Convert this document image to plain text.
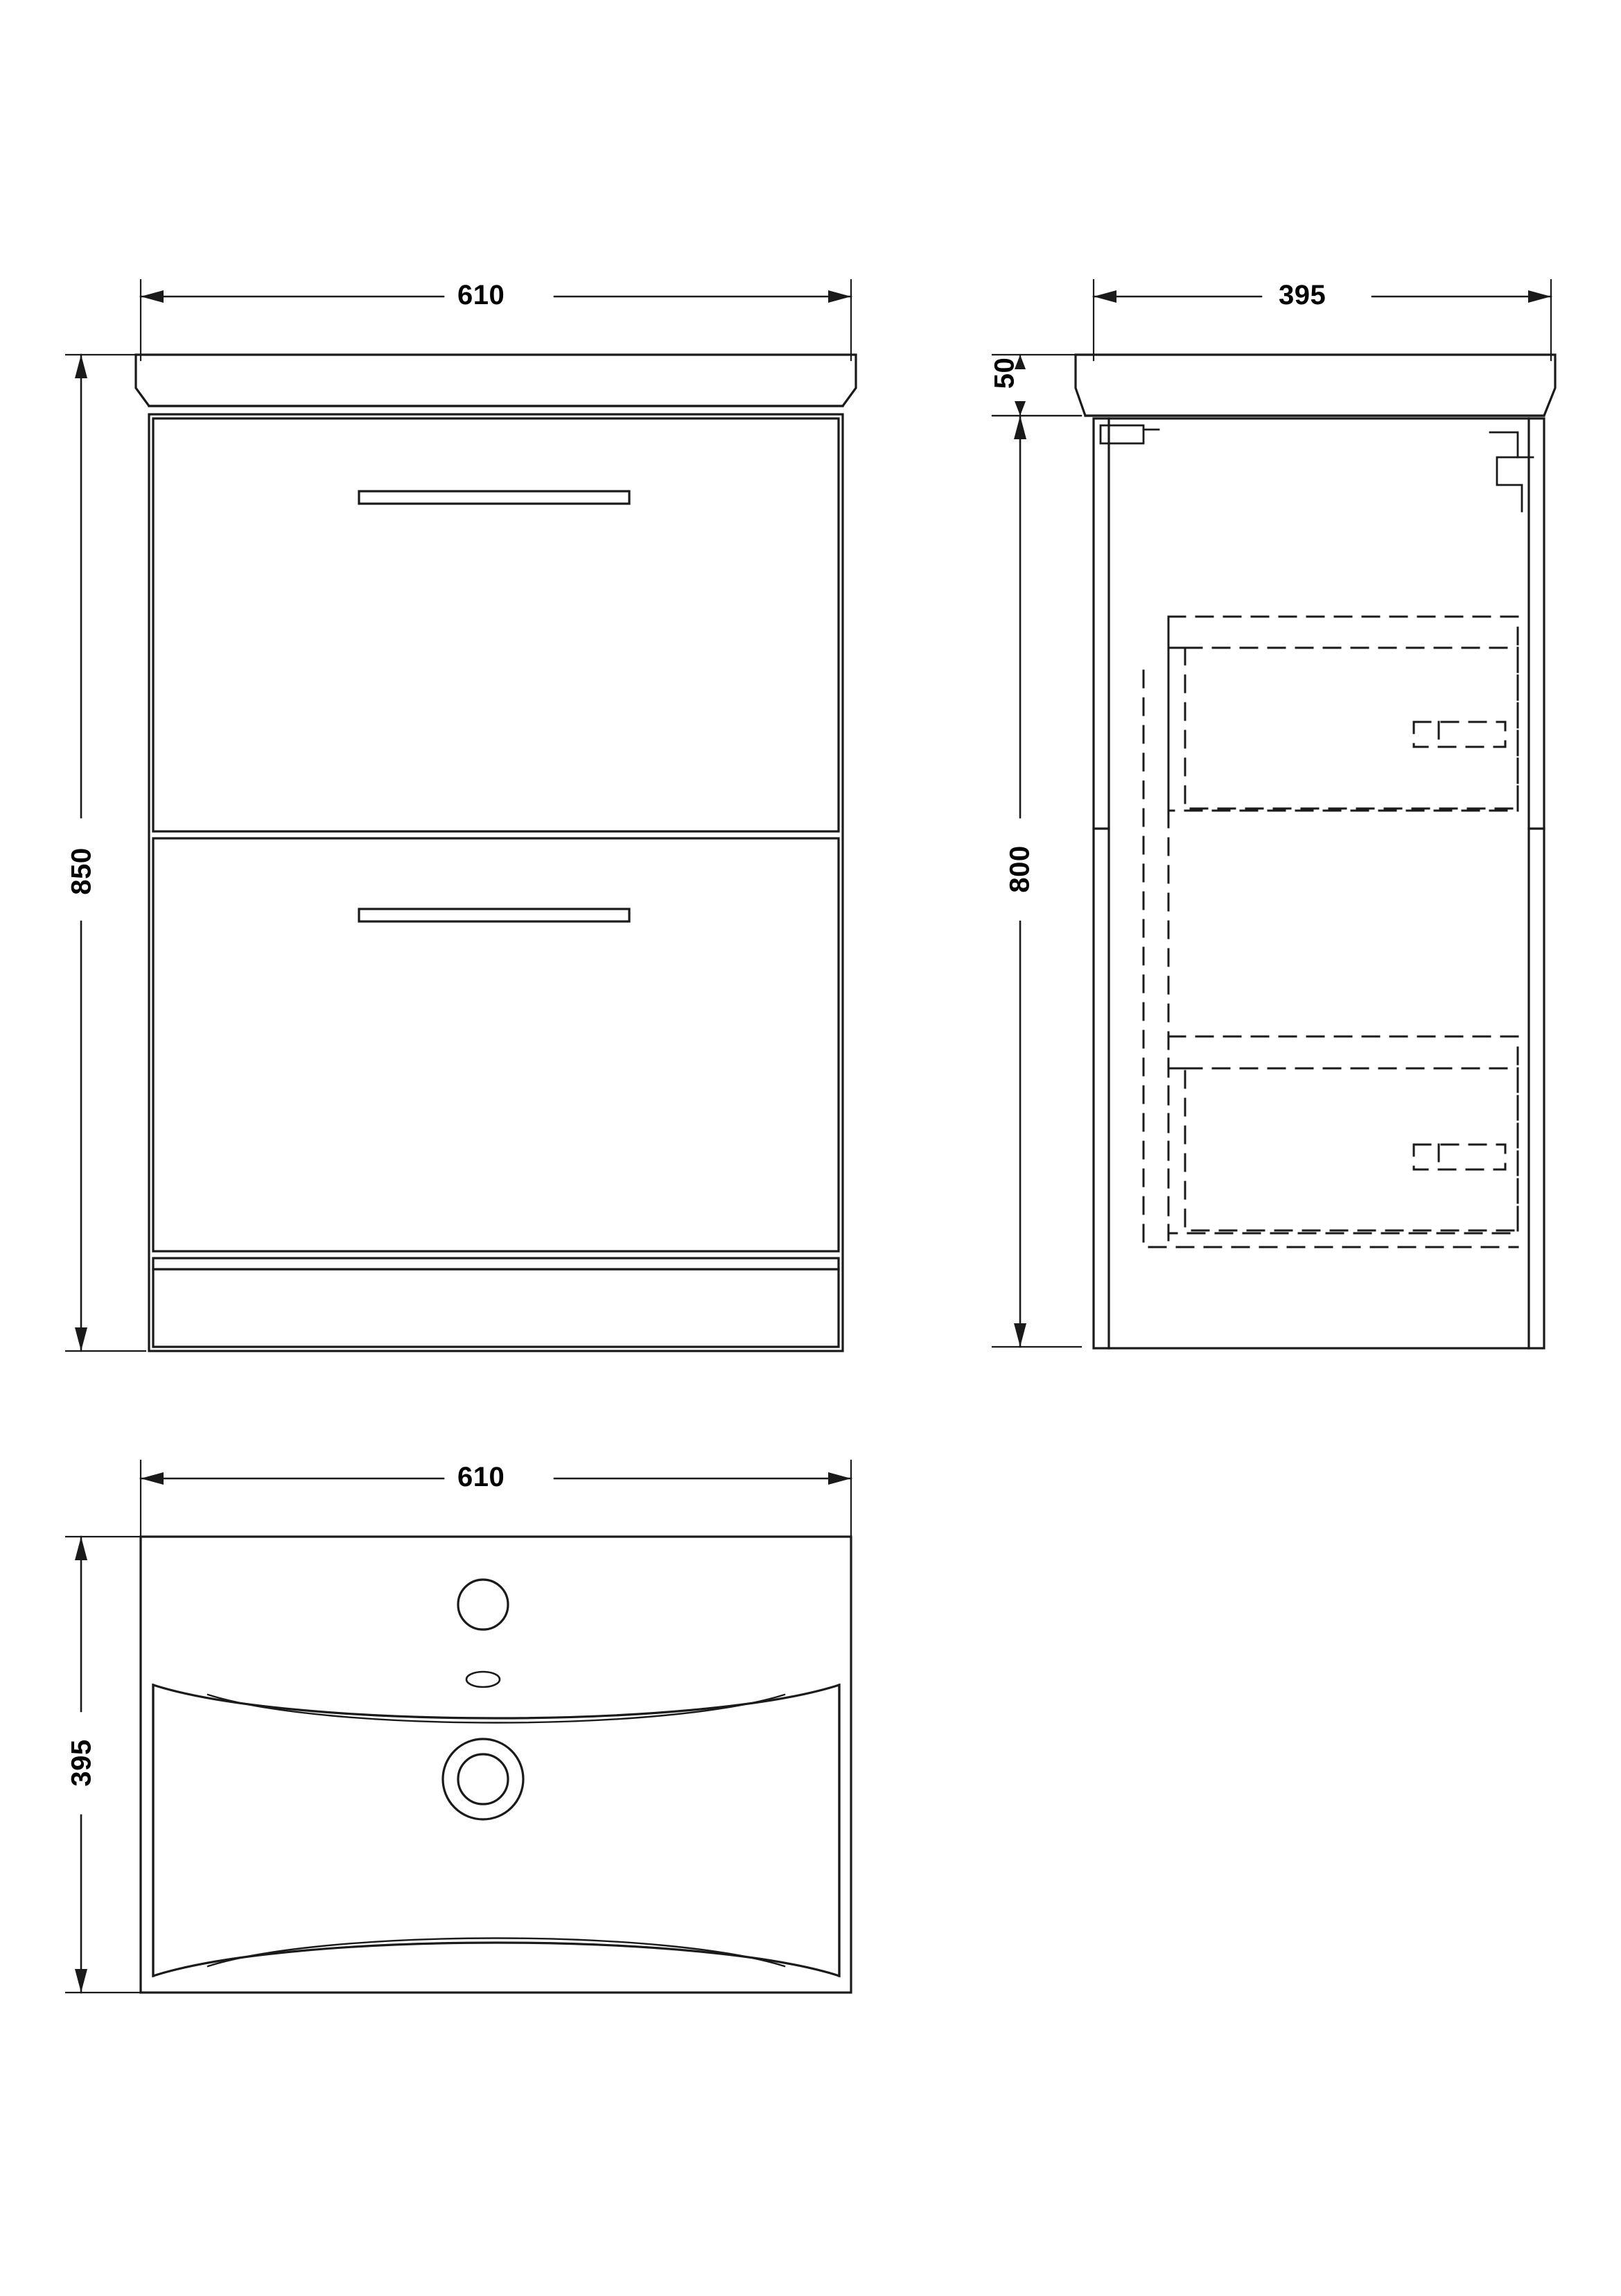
610
850
395
50
800
610
395
